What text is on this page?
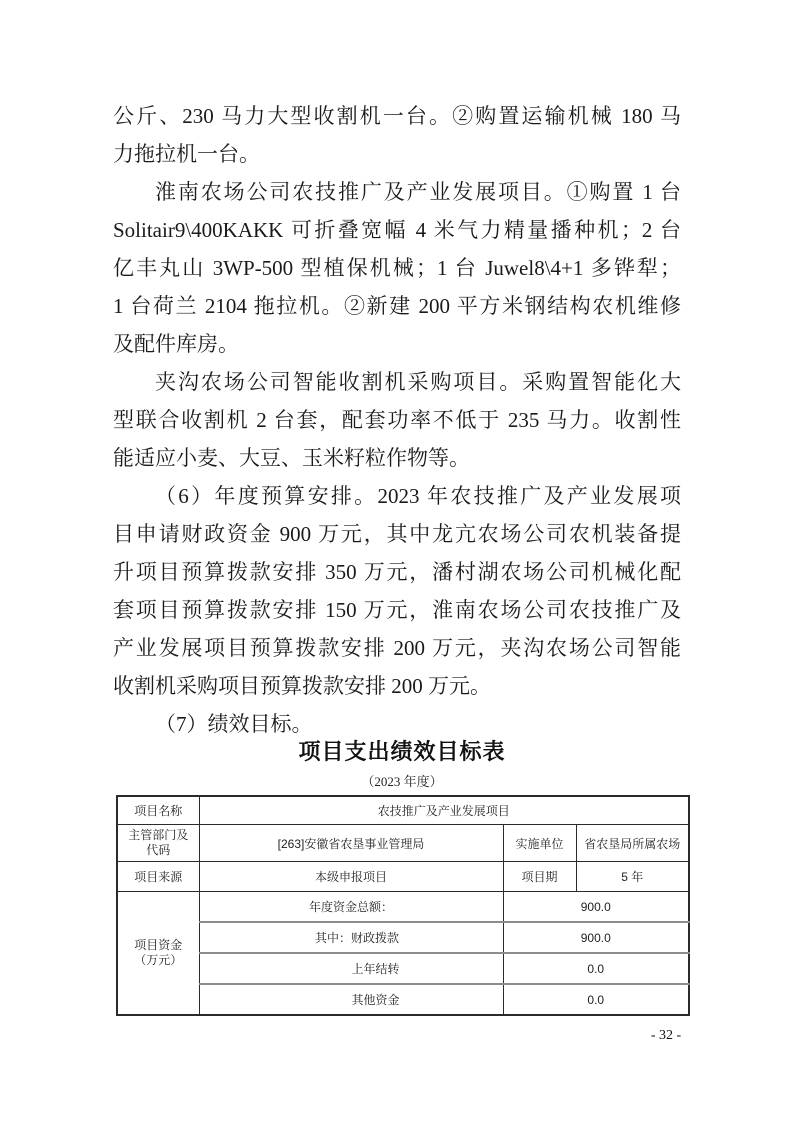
公斤、230 马力大型收割机一台。②购置运输机械 180 马
力拖拉机一台。
淮南农场公司农技推广及产业发展项目。①购置 1 台
Solitair9\400KAKK 可折叠宽幅 4 米气力精量播种机；2 台
亿丰丸山 3WP-500 型植保机械；1 台 Juwel8\4+1 多铧犁；
1 台荷兰 2104 拖拉机。②新建 200 平方米钢结构农机维修
及配件库房。
夹沟农场公司智能收割机采购项目。采购置智能化大
型联合收割机 2 台套，配套功率不低于 235 马力。收割性
能适应小麦、大豆、玉米籽粒作物等。
（6）年度预算安排。2023 年农技推广及产业发展项
目申请财政资金 900 万元，其中龙亢农场公司农机装备提
升项目预算拨款安排 350 万元，潘村湖农场公司机械化配
套项目预算拨款安排 150 万元，淮南农场公司农技推广及
产业发展项目预算拨款安排 200 万元，夹沟农场公司智能
收割机采购项目预算拨款安排 200 万元。
（7）绩效目标。
项目支出绩效目标表
（2023 年度）
项目名称	农技推广及产业发展项目		

主管部门及
代码	[263]安徽省农垦事业管理局	实施单位	省农垦局所属农场
项目来源	本级申报项目	项目期	5 年

项目资金
（万元）	年度资金总额：	900.0	
	其中：财政拨款	900.0	
	上年结转	0.0	
	其他资金	0.0	
- 32 -
